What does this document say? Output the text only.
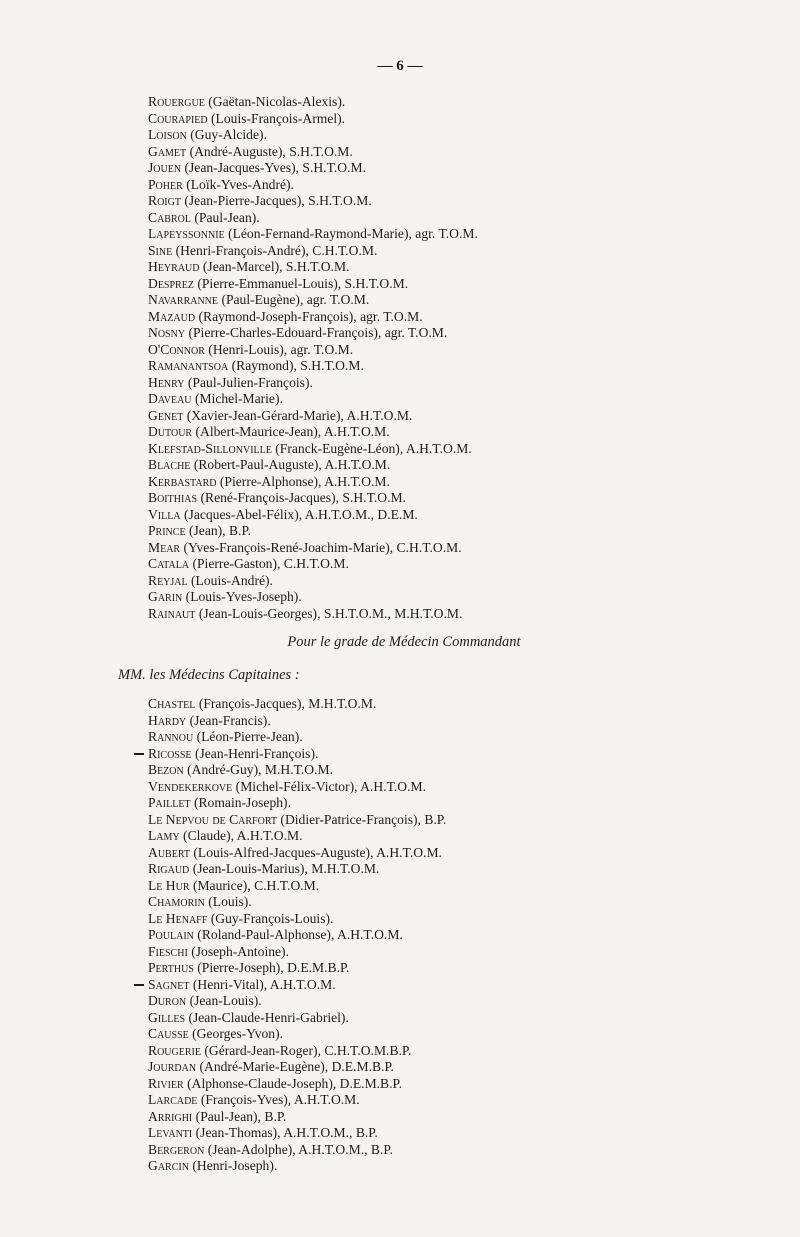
— 6 —
Rouergue (Gaëtan-Nicolas-Alexis).
Courapied (Louis-François-Armel).
Loison (Guy-Alcide).
Gamet (André-Auguste), S.H.T.O.M.
Jouen (Jean-Jacques-Yves), S.H.T.O.M.
Poher (Loïk-Yves-André).
Roigt (Jean-Pierre-Jacques), S.H.T.O.M.
Cabrol (Paul-Jean).
Lapeyssonnie (Léon-Fernand-Raymond-Marie), agr. T.O.M.
Sine (Henri-François-André), C.H.T.O.M.
Heyraud (Jean-Marcel), S.H.T.O.M.
Desprez (Pierre-Emmanuel-Louis), S.H.T.O.M.
Navarranne (Paul-Eugène), agr. T.O.M.
Mazaud (Raymond-Joseph-François), agr. T.O.M.
Nosny (Pierre-Charles-Edouard-François), agr. T.O.M.
O'Connor (Henri-Louis), agr. T.O.M.
Ramanantsoa (Raymond), S.H.T.O.M.
Henry (Paul-Julien-François).
Daveau (Michel-Marie).
Genet (Xavier-Jean-Gérard-Marie), A.H.T.O.M.
Dutour (Albert-Maurice-Jean), A.H.T.O.M.
Klefstad-Sillonville (Franck-Eugène-Léon), A.H.T.O.M.
Blache (Robert-Paul-Auguste), A.H.T.O.M.
Kerbastard (Pierre-Alphonse), A.H.T.O.M.
Boithias (René-François-Jacques), S.H.T.O.M.
Villa (Jacques-Abel-Félix), A.H.T.O.M., D.E.M.
Prince (Jean), B.P.
Mear (Yves-François-René-Joachim-Marie), C.H.T.O.M.
Catala (Pierre-Gaston), C.H.T.O.M.
Reyjal (Louis-André).
Garin (Louis-Yves-Joseph).
Rainaut (Jean-Louis-Georges), S.H.T.O.M., M.H.T.O.M.
Pour le grade de Médecin Commandant
MM. les Médecins Capitaines :
Chastel (François-Jacques), M.H.T.O.M.
Hardy (Jean-Francis).
Rannou (Léon-Pierre-Jean).
Ricosse (Jean-Henri-François).
Bezon (André-Guy), M.H.T.O.M.
Vendekerkove (Michel-Félix-Victor), A.H.T.O.M.
Paillet (Romain-Joseph).
Le Nepvou de Carfort (Didier-Patrice-François), B.P.
Lamy (Claude), A.H.T.O.M.
Aubert (Louis-Alfred-Jacques-Auguste), A.H.T.O.M.
Rigaud (Jean-Louis-Marius), M.H.T.O.M.
Le Hur (Maurice), C.H.T.O.M.
Chamorin (Louis).
Le Henaff (Guy-François-Louis).
Poulain (Roland-Paul-Alphonse), A.H.T.O.M.
Fieschi (Joseph-Antoine).
Perthus (Pierre-Joseph), D.E.M.B.P.
Sagnet (Henri-Vital), A.H.T.O.M.
Duron (Jean-Louis).
Gilles (Jean-Claude-Henri-Gabriel).
Causse (Georges-Yvon).
Rougerie (Gérard-Jean-Roger), C.H.T.O.M.B.P.
Jourdan (André-Marie-Eugène), D.E.M.B.P.
Rivier (Alphonse-Claude-Joseph), D.E.M.B.P.
Larcade (François-Yves), A.H.T.O.M.
Arrighi (Paul-Jean), B.P.
Levanti (Jean-Thomas), A.H.T.O.M., B.P.
Bergeron (Jean-Adolphe), A.H.T.O.M., B.P.
Garcin (Henri-Joseph).
